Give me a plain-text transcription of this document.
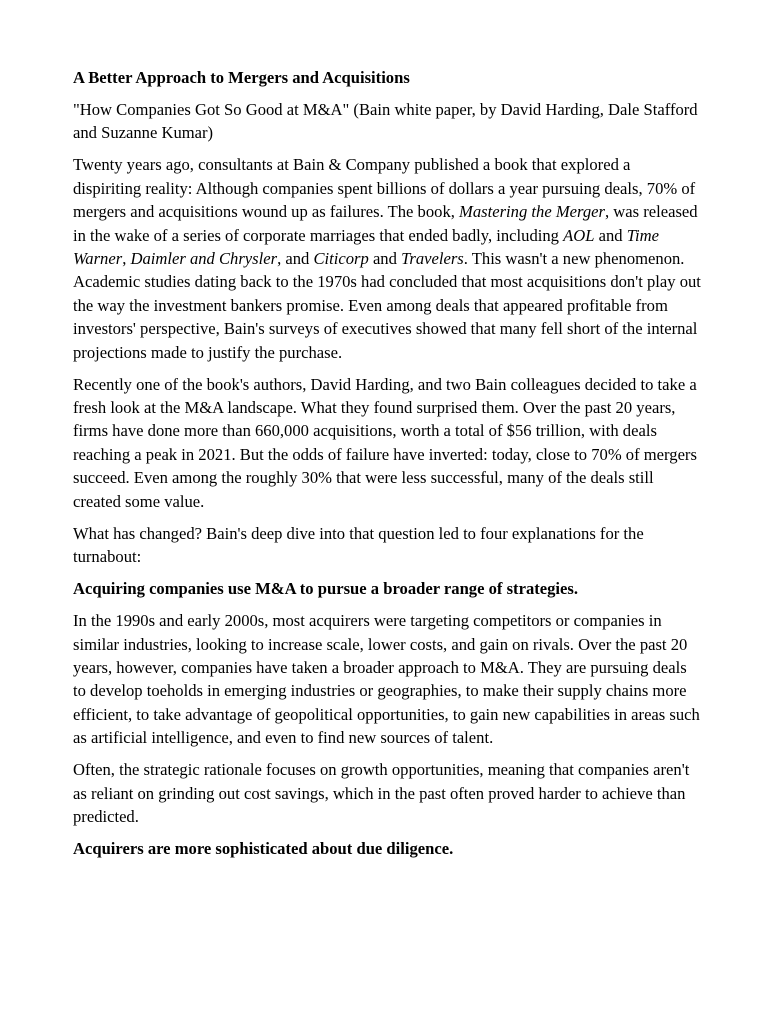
A Better Approach to Mergers and Acquisitions

"How Companies Got So Good at M&A" (Bain white paper, by David Harding, Dale Stafford and Suzanne Kumar)

Twenty years ago, consultants at Bain & Company published a book that explored a dispiriting reality: Although companies spent billions of dollars a year pursuing deals, 70% of mergers and acquisitions wound up as failures. The book, Mastering the Merger, was released in the wake of a series of corporate marriages that ended badly, including AOL and Time Warner, Daimler and Chrysler, and Citicorp and Travelers. This wasn't a new phenomenon. Academic studies dating back to the 1970s had concluded that most acquisitions don't play out the way the investment bankers promise. Even among deals that appeared profitable from investors' perspective, Bain's surveys of executives showed that many fell short of the internal projections made to justify the purchase.

Recently one of the book's authors, David Harding, and two Bain colleagues decided to take a fresh look at the M&A landscape. What they found surprised them. Over the past 20 years, firms have done more than 660,000 acquisitions, worth a total of $56 trillion, with deals reaching a peak in 2021. But the odds of failure have inverted: today, close to 70% of mergers succeed. Even among the roughly 30% that were less successful, many of the deals still created some value.

What has changed? Bain's deep dive into that question led to four explanations for the turnabout:

Acquiring companies use M&A to pursue a broader range of strategies.

In the 1990s and early 2000s, most acquirers were targeting competitors or companies in similar industries, looking to increase scale, lower costs, and gain on rivals. Over the past 20 years, however, companies have taken a broader approach to M&A. They are pursuing deals to develop toeholds in emerging industries or geographies, to make their supply chains more efficient, to take advantage of geopolitical opportunities, to gain new capabilities in areas such as artificial intelligence, and even to find new sources of talent.

Often, the strategic rationale focuses on growth opportunities, meaning that companies aren't as reliant on grinding out cost savings, which in the past often proved harder to achieve than predicted.

Acquirers are more sophisticated about due diligence.
